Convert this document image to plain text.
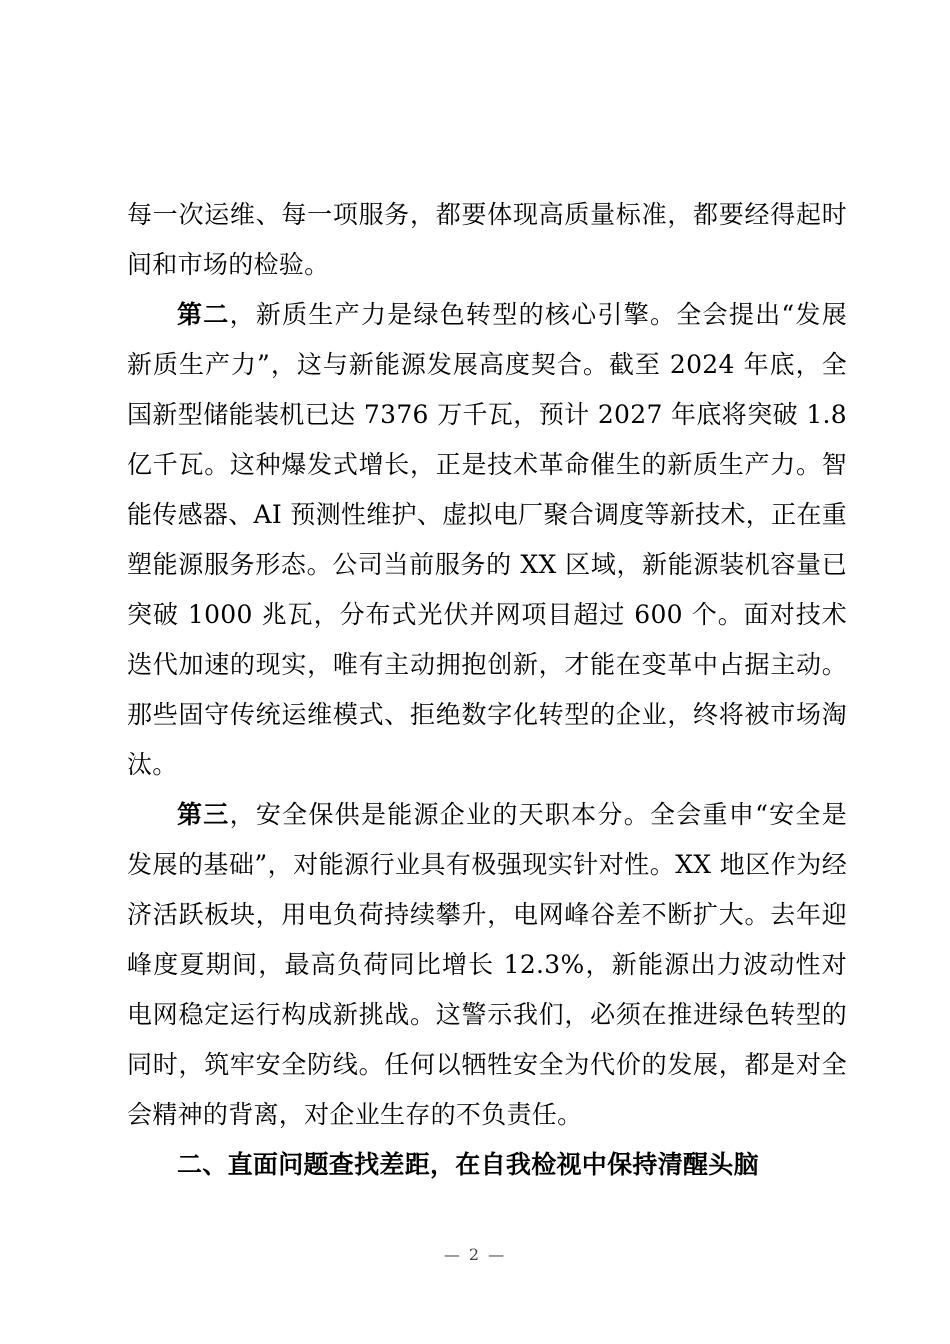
每一次运维、每一项服务，都要体现高质量标准，都要经得起时间和市场的检验。

第二，新质生产力是绿色转型的核心引擎。全会提出“发展新质生产力”，这与新能源发展高度契合。截至 2024 年底，全国新型储能装机已达 7376 万千瓦，预计 2027 年底将突破 1.8 亿千瓦。这种爆发式增长，正是技术革命催生的新质生产力。智能传感器、AI 预测性维护、虚拟电厂聚合调度等新技术，正在重塑能源服务形态。公司当前服务的 XX 区域，新能源装机容量已突破 1000 兆瓦，分布式光伏并网项目超过 600 个。面对技术迭代加速的现实，唯有主动拥抱创新，才能在变革中占据主动。那些固守传统运维模式、拒绝数字化转型的企业，终将被市场淘汰。

第三，安全保供是能源企业的天职本分。全会重申“安全是发展的基础”，对能源行业具有极强现实针对性。XX 地区作为经济活跃板块，用电负荷持续攀升，电网峰谷差不断扩大。去年迎峰度夏期间，最高负荷同比增长 12.3%，新能源出力波动性对电网稳定运行构成新挑战。这警示我们，必须在推进绿色转型的同时，筑牢安全防线。任何以牺牲安全为代价的发展，都是对全会精神的背离，对企业生存的不负责任。

二、直面问题查找差距，在自我检视中保持清醒头脑

— 2 —
